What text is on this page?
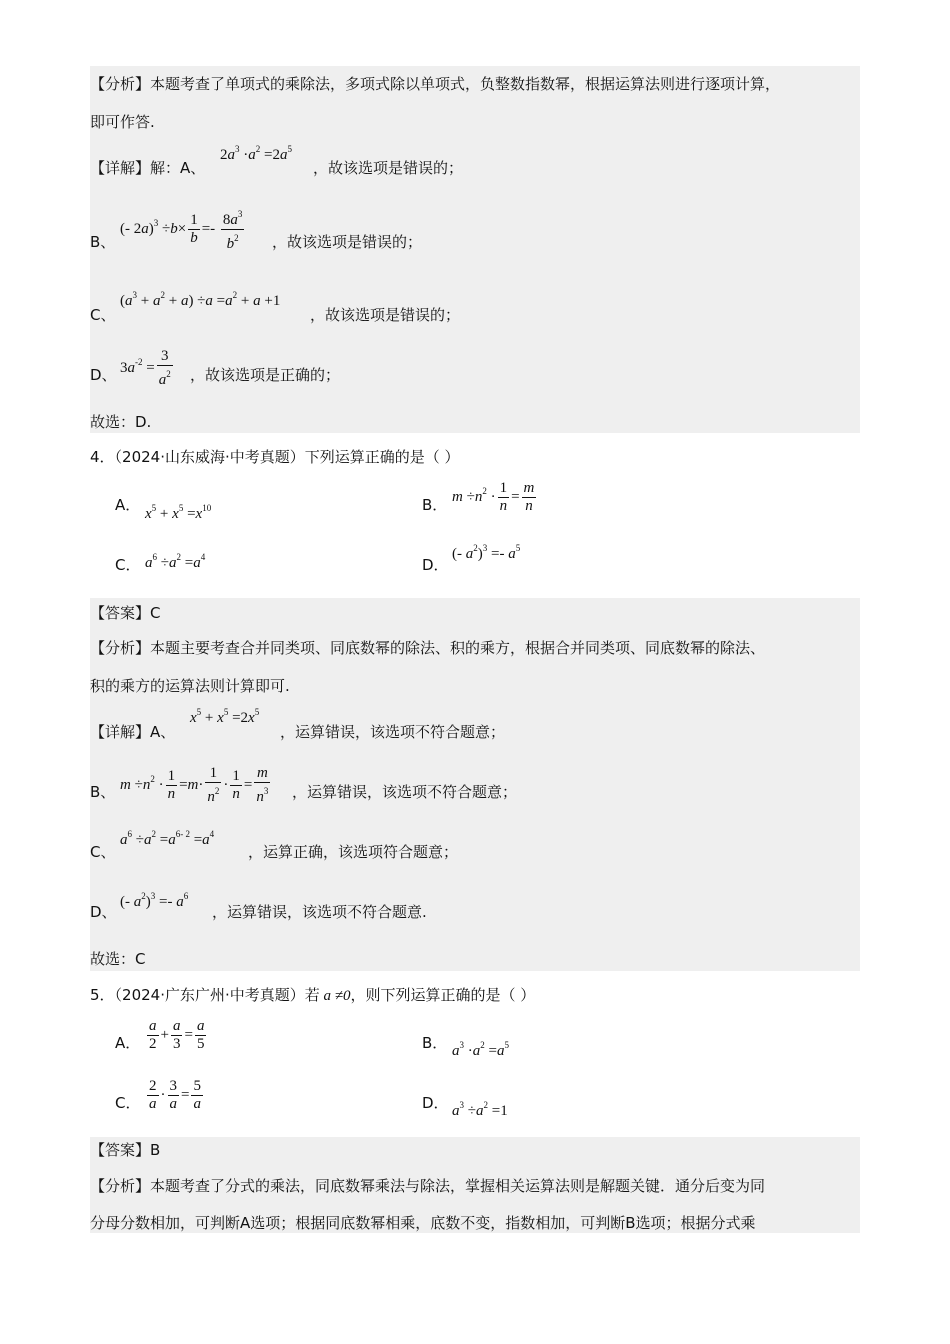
【分析】本题考查了单项式的乘除法，多项式除以单项式，负整数指数幂，根据运算法则进行逐项计算，
即可作答.
【详解】解：A、
$2a^3 \cdot a^2 =2a^5$
，故该选项是错误的；
B、
(- $2a)^3 \div b\times \frac{1}{b} =- \frac{8a^3}{b^2}$ ，故该选项是错误的；
C、
$(a^3 + a^2 + a) \div a =a^2 + a +1$
，故该选项是错误的；
D、 $3a^{-2} = \frac{3}{a^2}$ ，故该选项是正确的；
故选：D.
4．（2024·山东威海·中考真题）下列运算正确的是（ ）
A． $x^5 + x^5 =x^{10}$	B． $m \div n^2 \cdot \frac{1}{n} = \frac{m}{n}$
C． $a^6 \div a^2 =a^4$	D．
(- $a^2)^3 =- a^5$
【答案】C
【分析】本题主要考查合并同类项、同底数幂的除法、积的乘方，根据合并同类项、同底数幂的除法、
积的乘方的运算法则计算即可.
【详解】A、
$x^5 + x^5 =2x^5$
，运算错误，该选项不符合题意；
B、 $m \div n^2 \cdot \frac{1}{n} =m\cdot \frac{1}{n^2} \cdot \frac{1}{n} = \frac{m}{n^3}$ ，运算错误，该选项不符合题意；
C、
$a^6 \div a^2 =a^{6- 2} =a^4$
，运算正确，该选项符合题意；
D、
(- $a^2)^3 =- a^6$
，运算错误，该选项不符合题意.
故选：C
5．（2024·广东广州·中考真题）若 a ≠0，则下列运算正确的是（ ）
A． $\frac{a}{2} + \frac{a}{3} = \frac{a}{5}$	B． $a^3 \cdot a^2 =a^5$
C． $\frac{2}{a} \cdot \frac{3}{a} = \frac{5}{a}$	D． $a^3 \div a^2 =1$
【答案】B
【分析】本题考查了分式的乘法，同底数幂乘法与除法，掌握相关运算法则是解题关键．通分后变为同
分母分数相加，可判断A选项；根据同底数幂相乘，底数不变，指数相加，可判断B选项；根据分式乘
